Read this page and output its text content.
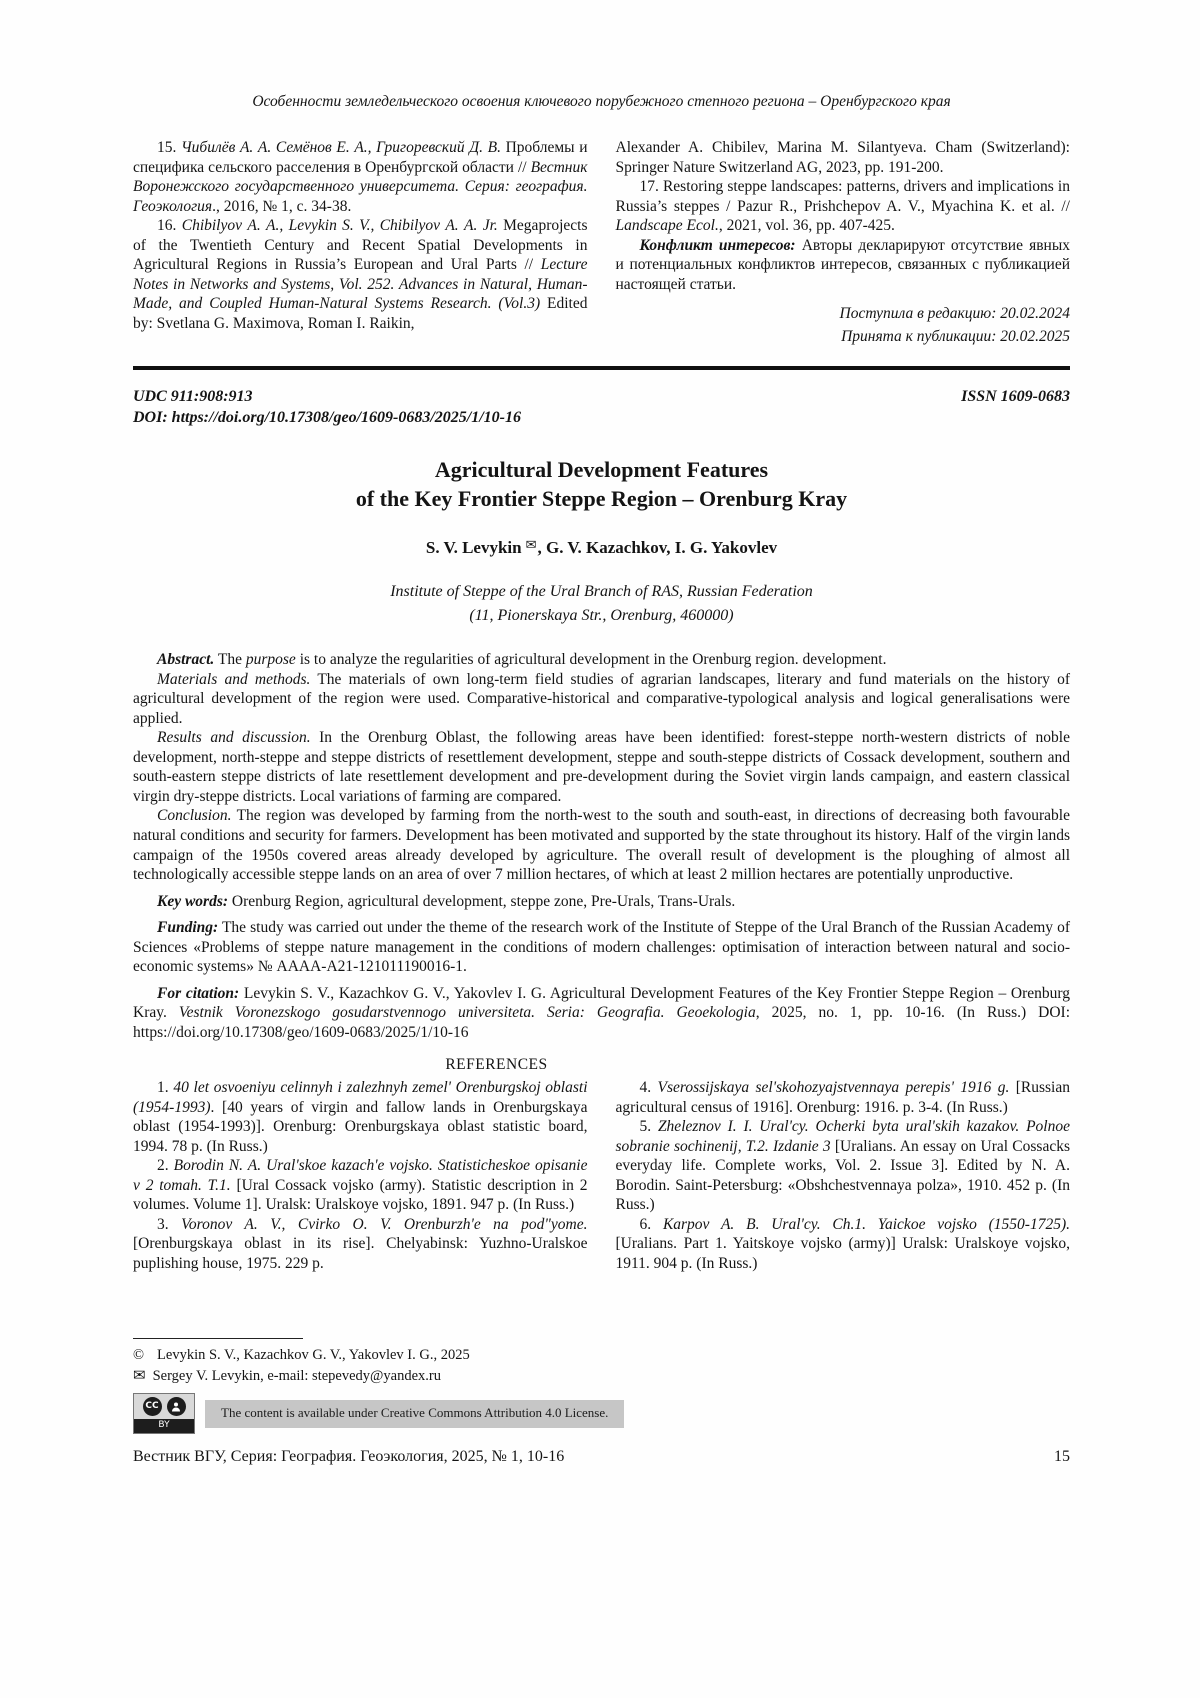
Особенности земледельческого освоения ключевого порубежного степного региона – Оренбургского края

15. Чибилёв А. А. Семёнов Е. А., Григоревский Д. В. Проблемы и специфика сельского расселения в Оренбургской области // Вестник Воронежского государственного университета. Серия: география. Геоэкология., 2016, № 1, с. 34-38.

16. Chibilyov А. А., Levykin S. V., Chibilyov А. А. Jr. Megaprojects of the Twentieth Century and Recent Spatial Developments in Agricultural Regions in Russia’s European and Ural Parts // Lecture Notes in Networks and Systems, Vol. 252. Advances in Natural, Human-Made, and Coupled Human-Natural Systems Research. (Vol.3) Edited by: Svetlana G. Maximova, Roman I. Raikin,

Alexander A. Chibilev, Marina M. Silantyeva. Cham (Switzerland): Springer Nature Switzerland AG, 2023, pp. 191-200.

17. Restoring steppe landscapes: patterns, drivers and implications in Russia’s steppes / Pazur R., Prishchepov A. V., Myachina K. et al. // Landscape Ecol., 2021, vol. 36, pp. 407-425.

Конфликт интересов: Авторы декларируют отсутствие явных и потенциальных конфликтов интересов, связанных с публикацией настоящей статьи.

Поступила в редакцию: 20.02.2024

Принята к публикации: 20.02.2025

UDC 911:908:913	ISSN 1609-0683
DOI: https://doi.org/10.17308/geo/1609-0683/2025/1/10-16
Agricultural Development Features
of the Key Frontier Steppe Region – Orenburg Kray
S. V. Levykin ✉, G. V. Kazachkov, I. G. Yakovlev
Institute of Steppe of the Ural Branch of RAS, Russian Federation
(11, Pionerskaya Str., Orenburg, 460000)

Abstract. The purpose is to analyze the regularities of agricultural development in the Orenburg region. development.

Materials and methods. The materials of own long-term field studies of agrarian landscapes, literary and fund materials on the history of agricultural development of the region were used. Comparative-historical and comparative-typological analysis and logical generalisations were applied.

Results and discussion. In the Orenburg Oblast, the following areas have been identified: forest-steppe north-western districts of noble development, north-steppe and steppe districts of resettlement development, steppe and south-steppe districts of Cossack development, southern and south-eastern steppe districts of late resettlement development and pre-development during the Soviet virgin lands campaign, and eastern classical virgin dry-steppe districts. Local variations of farming are compared.

Conclusion. The region was developed by farming from the north-west to the south and south-east, in directions of decreasing both favourable natural conditions and security for farmers. Development has been motivated and supported by the state throughout its history. Half of the virgin lands campaign of the 1950s covered areas already developed by agriculture. The overall result of development is the ploughing of almost all technologically accessible steppe lands on an area of over 7 million hectares, of which at least 2 million hectares are potentially unproductive.

Key words: Orenburg Region, agricultural development, steppe zone, Pre-Urals, Trans-Urals.

Funding: The study was carried out under the theme of the research work of the Institute of Steppe of the Ural Branch of the Russian Academy of Sciences «Problems of steppe nature management in the conditions of modern challenges: optimisation of interaction between natural and socio-economic systems» № АААА-А21-121011190016-1.

For citation: Levykin S. V., Kazachkov G. V., Yakovlev I. G. Agricultural Development Features of the Key Frontier Steppe Region – Orenburg Kray. Vestnik Voronezskogo gosudarstvennogo universiteta. Seria: Geografia. Geoekologia, 2025, no. 1, pp. 10-16. (In Russ.) DOI: https://doi.org/10.17308/geo/1609-0683/2025/1/10-16

REFERENCES

1. 40 let osvoeniyu celinnyh i zalezhnyh zemel' Orenburgskoj oblasti (1954-1993). [40 years of virgin and fallow lands in Orenburgskaya oblast (1954-1993)]. Orenburg: Orenburgskaya oblast statistic board, 1994. 78 p. (In Russ.)

2. Borodin N. A. Ural'skoe kazach'e vojsko. Statisticheskoe opisanie v 2 tomah. T.1. [Ural Cossack vojsko (army). Statistic description in 2 volumes. Volume 1]. Uralsk: Uralskoye vojsko, 1891. 947 p. (In Russ.)

3. Voronov A. V., Cvirko O. V. Orenburzh'e na pod"yome. [Orenburgskaya oblast in its rise]. Chelyabinsk: Yuzhno-Uralskoe puplishing house, 1975. 229 p.

4. Vserossijskaya sel'skohozyajstvennaya perepis' 1916 g. [Russian agricultural census of 1916]. Orenburg: 1916. p. 3-4. (In Russ.)

5. Zheleznov I. I. Ural'cy. Ocherki byta ural'skih kazakov. Polnoe sobranie sochinenij, T.2. Izdanie 3 [Uralians. An essay on Ural Cossacks everyday life. Complete works, Vol. 2. Issue 3]. Edited by N. A. Borodin. Saint-Petersburg: «Obshchestvennaya polza», 1910. 452 p. (In Russ.)

6. Karpov A. B. Ural'cy. Ch.1. Yaickoe vojsko (1550-1725). [Uralians. Part 1. Yaitskoye vojsko (army)] Uralsk: Uralskoye vojsko, 1911. 904 p. (In Russ.)

© Levykin S. V., Kazachkov G. V., Yakovlev I. G., 2025
✉ Sergey V. Levykin, e-mail: stepevedy@yandex.ru
CC
BY
The content is available under Creative Commons Attribution 4.0 License.
Вестник ВГУ, Серия: География. Геоэкология, 2025, № 1, 10-16	15
